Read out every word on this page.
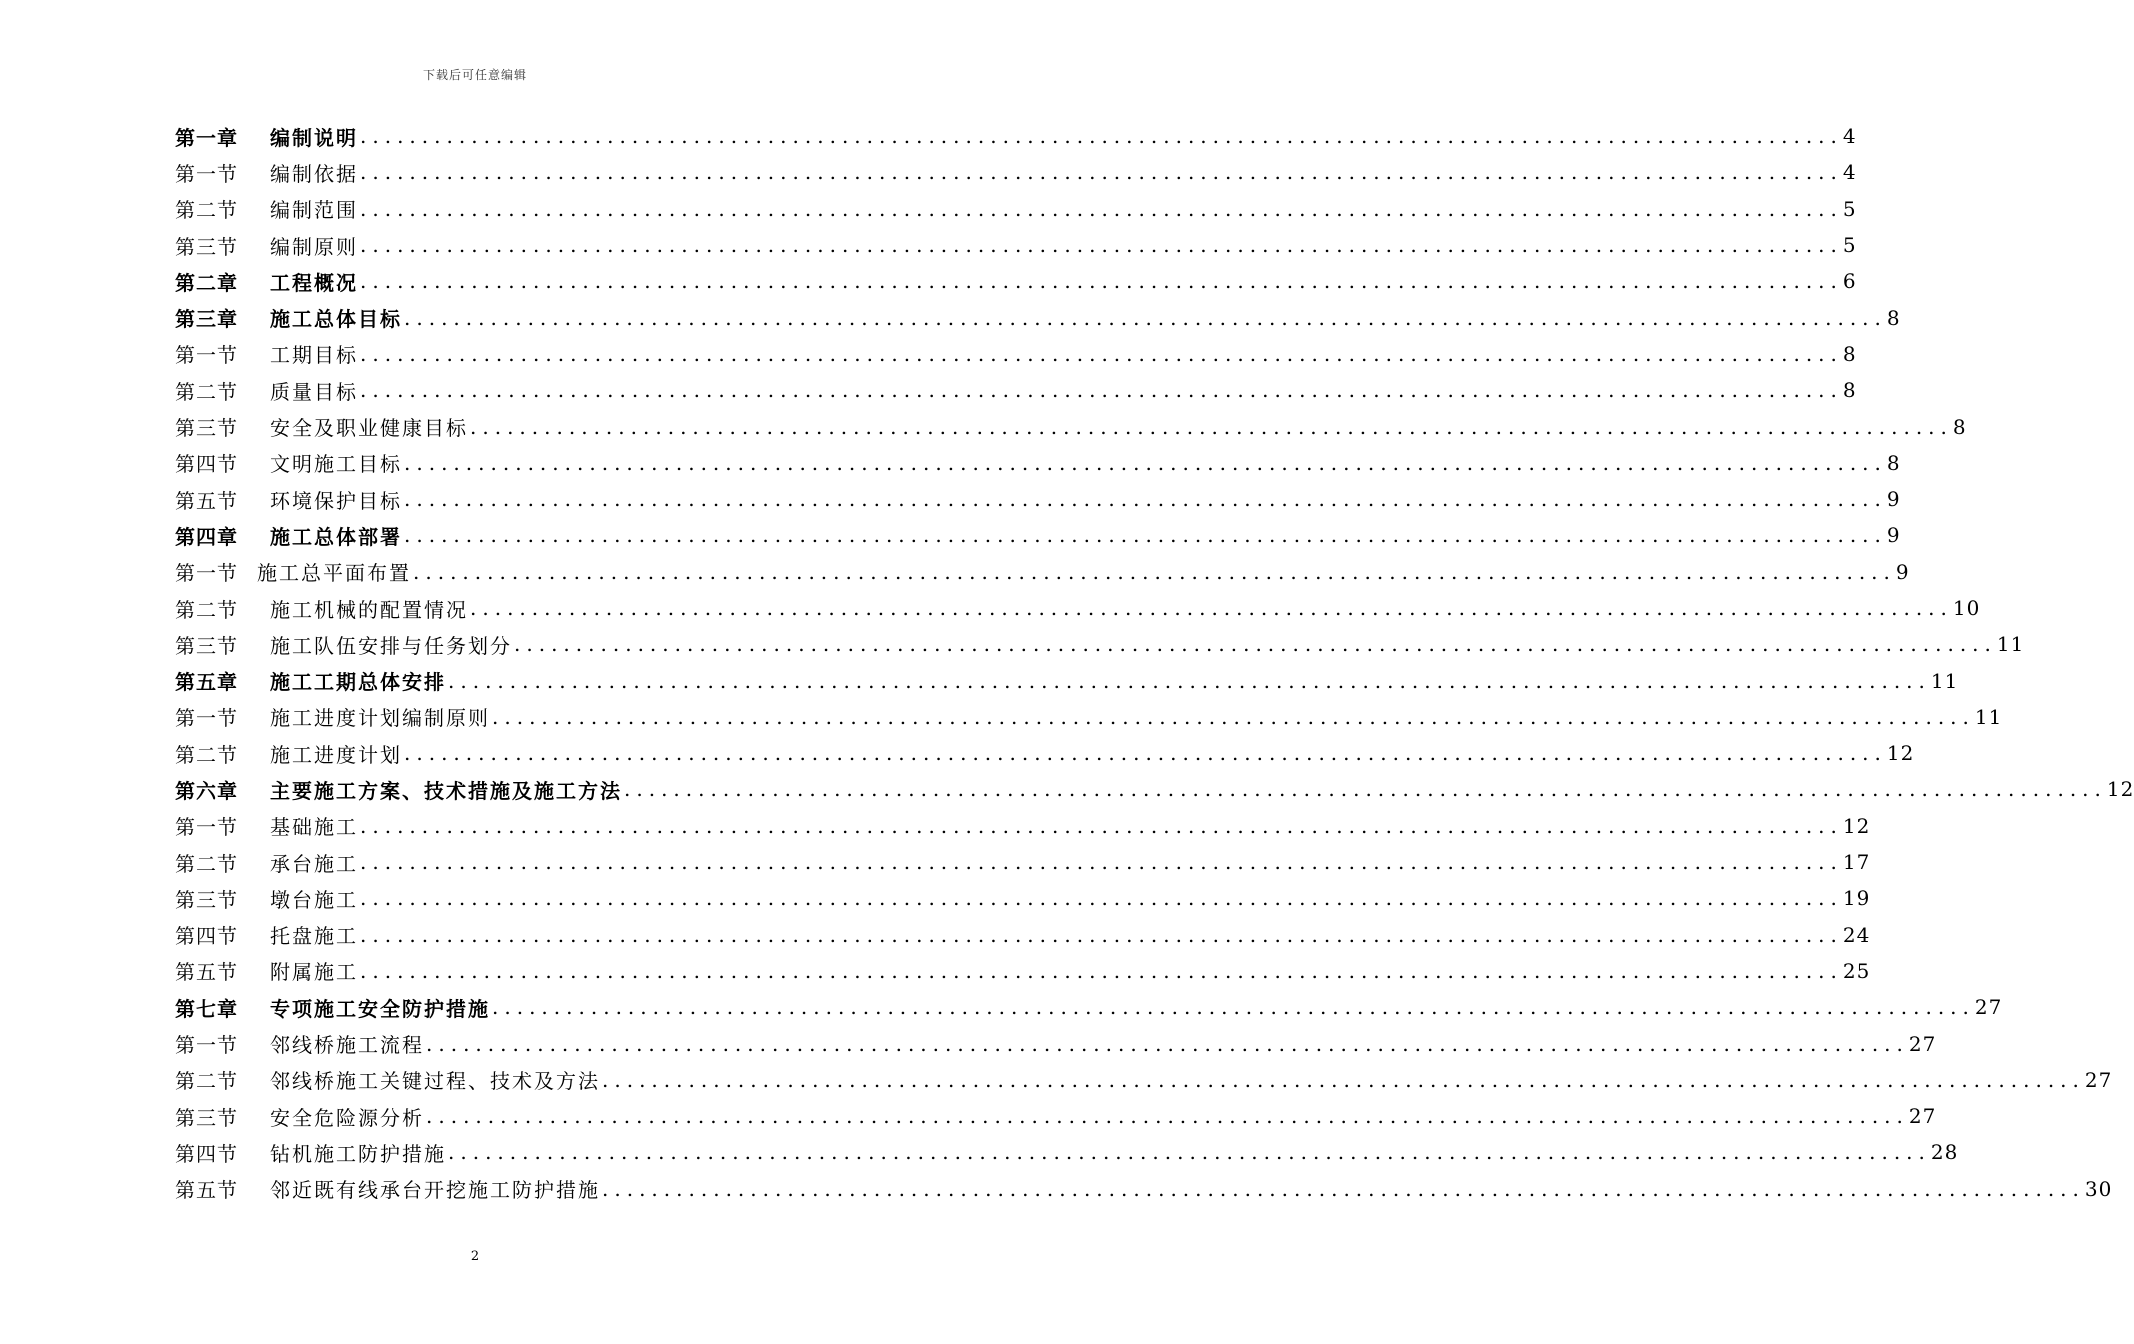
下载后可任意编辑
第一章	编制说明 ........................................................................................................................ 4
第一节	编制依据 ........................................................................................................................ 4
第二节	编制范围 ........................................................................................................................ 5
第三节	编制原则 ........................................................................................................................ 5
第二章	工程概况 ........................................................................................................................ 6
第三章	施工总体目标 ........................................................................................................................ 8
第一节	工期目标 ........................................................................................................................ 8
第二节	质量目标 ........................................................................................................................ 8
第三节	安全及职业健康目标 ........................................................................................................................ 8
第四节	文明施工目标 ........................................................................................................................ 8
第五节	环境保护目标 ........................................................................................................................ 9
第四章	施工总体部署 ........................................................................................................................ 9
第一节 施工总平面布置 ........................................................................................................................ 9
第二节	施工机械的配置情况 ........................................................................................................................ 10
第三节	施工队伍安排与任务划分 ........................................................................................................................ 11
第五章	施工工期总体安排 ........................................................................................................................ 11
第一节	施工进度计划编制原则 ........................................................................................................................ 11
第二节	施工进度计划 ........................................................................................................................ 12
第六章	主要施工方案、技术措施及施工方法 ........................................................................................................................ 12
第一节	基础施工 ........................................................................................................................ 12
第二节	承台施工 ........................................................................................................................ 17
第三节	墩台施工 ........................................................................................................................ 19
第四节	托盘施工 ........................................................................................................................ 24
第五节	附属施工 ........................................................................................................................ 25
第七章	专项施工安全防护措施 ........................................................................................................................ 27
第一节	邻线桥施工流程 ........................................................................................................................ 27
第二节	邻线桥施工关键过程、技术及方法 ........................................................................................................................ 27
第三节	安全危险源分析 ........................................................................................................................ 27
第四节	钻机施工防护措施 ........................................................................................................................ 28
第五节	邻近既有线承台开挖施工防护措施 ........................................................................................................................ 30
2
